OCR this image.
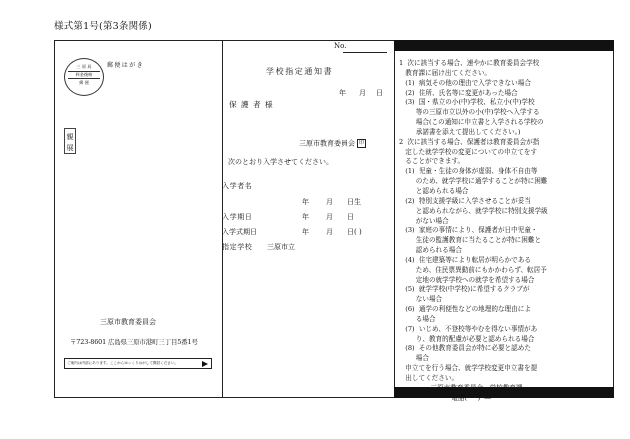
様式第1号(第3条関係)
三 原 局
料金後納
郵 便
郵便はがき
親
展
三原市教育委員会
〒723-8601 広島県三原市港町三丁目5番1号
ご案内は内部にあります。ここからゆっくりはがして開封ください。
No.
学校指定通知書
年 月 日
保 護 者 様
三原市教育委員会 印
次のとおり入学させてください。
入学者名
年 月 日生
入学期日	年 月 日
入学式期日	年 月 日( )
指定学校 三原市立

1  次に該当する場合、速やかに教育委員会学校

教育課に届け出てください。

(1)  病気その他の理由で入学できない場合

(2)  住所、氏名等に変更があった場合

(3)  国・県立の小(中)学校、私立小(中)学校

等の三原市立以外の小(中)学校へ入学する

場合(この通知に申立書と入学される学校の

承諾書を添えて提出してください。)

2  次に該当する場合、保護者は教育委員会が指

定した就学学校の変更についての申立てをす

ることができます。

(1)  児童・生徒の身体が虚弱、身体不自由等

のため、就学学校に通学することが特に困難

と認められる場合

(2)  特別支援学級に入学させることが妥当

と認められながら、就学学校に特別支援学級

がない場合

(3)  家庭の事情により、保護者が日中児童・

生徒の監護教育に当たることが特に困難と

認められる場合

(4)  住宅建築等により転居が明らかである

ため、住民票異動前にもかかわらず、転居予

定地の就学学校への就学を希望する場合

(5)  就学学校(中学校)に希望するクラブが

ない場合

(6)  通学の利便性などの地理的な理由によ

る場合

(7)  いじめ、不登校等やむを得ない事情があ

り、教育的配慮が必要と認められる場合

(8)  その他教育委員会が特に必要と認めた

場合

申立てを行う場合、就学学校変更申立書を提

出してください。

三原市教育委員会   学校教育課

電話(     )  ―
